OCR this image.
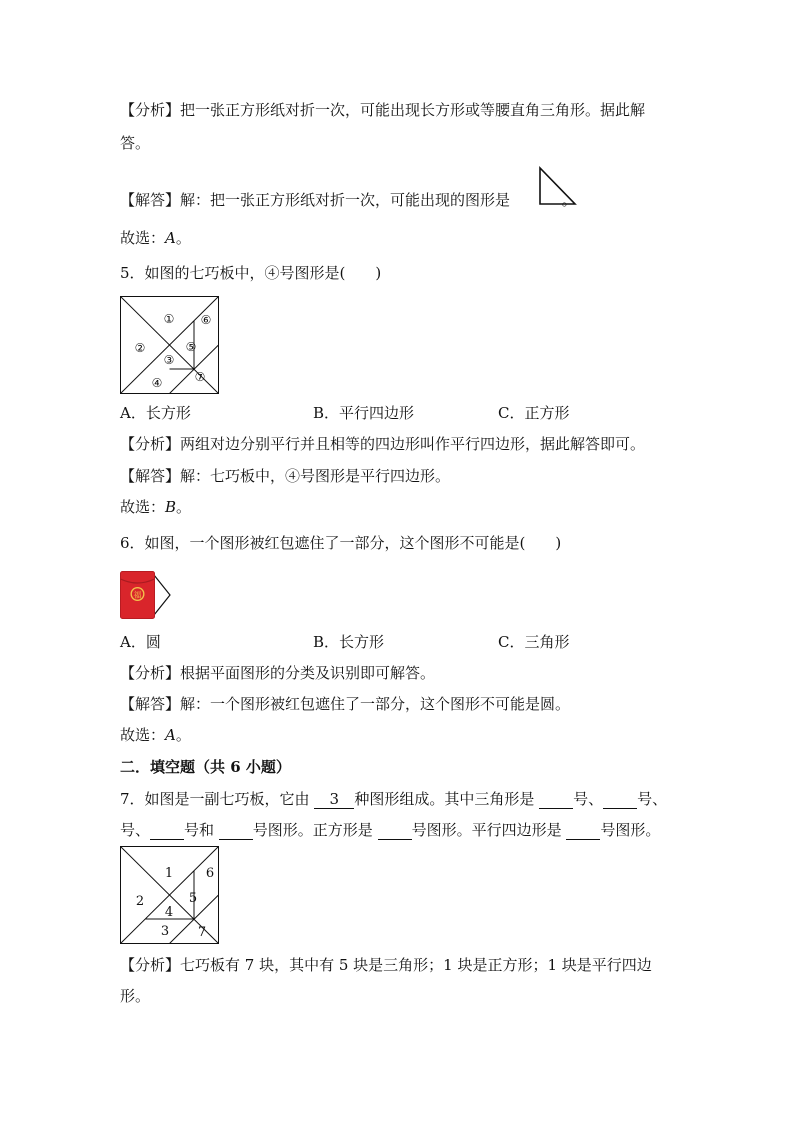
【分析】把一张正方形纸对折一次，可能出现长方形或等腰直角三角形。据此解
答。
【解答】解：把一张正方形纸对折一次，可能出现的图形是	。
故选：A。
5．如图的七巧板中，④号图形是(　　)
①
②
③
④
⑤
⑥
⑦
A．长方形	B．平行四边形	C．正方形
【分析】两组对边分别平行并且相等的四边形叫作平行四边形，据此解答即可。
【解答】解：七巧板中，④号图形是平行四边形。
故选：B。
6．如图，一个图形被红包遮住了一部分，这个图形不可能是(　　)
福
A．圆	B．长方形	C．三角形
【分析】根据平面图形的分类及识别即可解答。
【解答】解：一个图形被红包遮住了一部分，这个图形不可能是圆。
故选：A。
二．填空题（共 6 小题）
7．如图是一副七巧板，它由 3 种图形组成。其中三角形是 号、 号、
号、 号和 号图形。正方形是 号图形。平行四边形是 号图形。
1
2
3
4
5
6
7
【分析】七巧板有 7 块，其中有 5 块是三角形；1 块是正方形；1 块是平行四边
形。
